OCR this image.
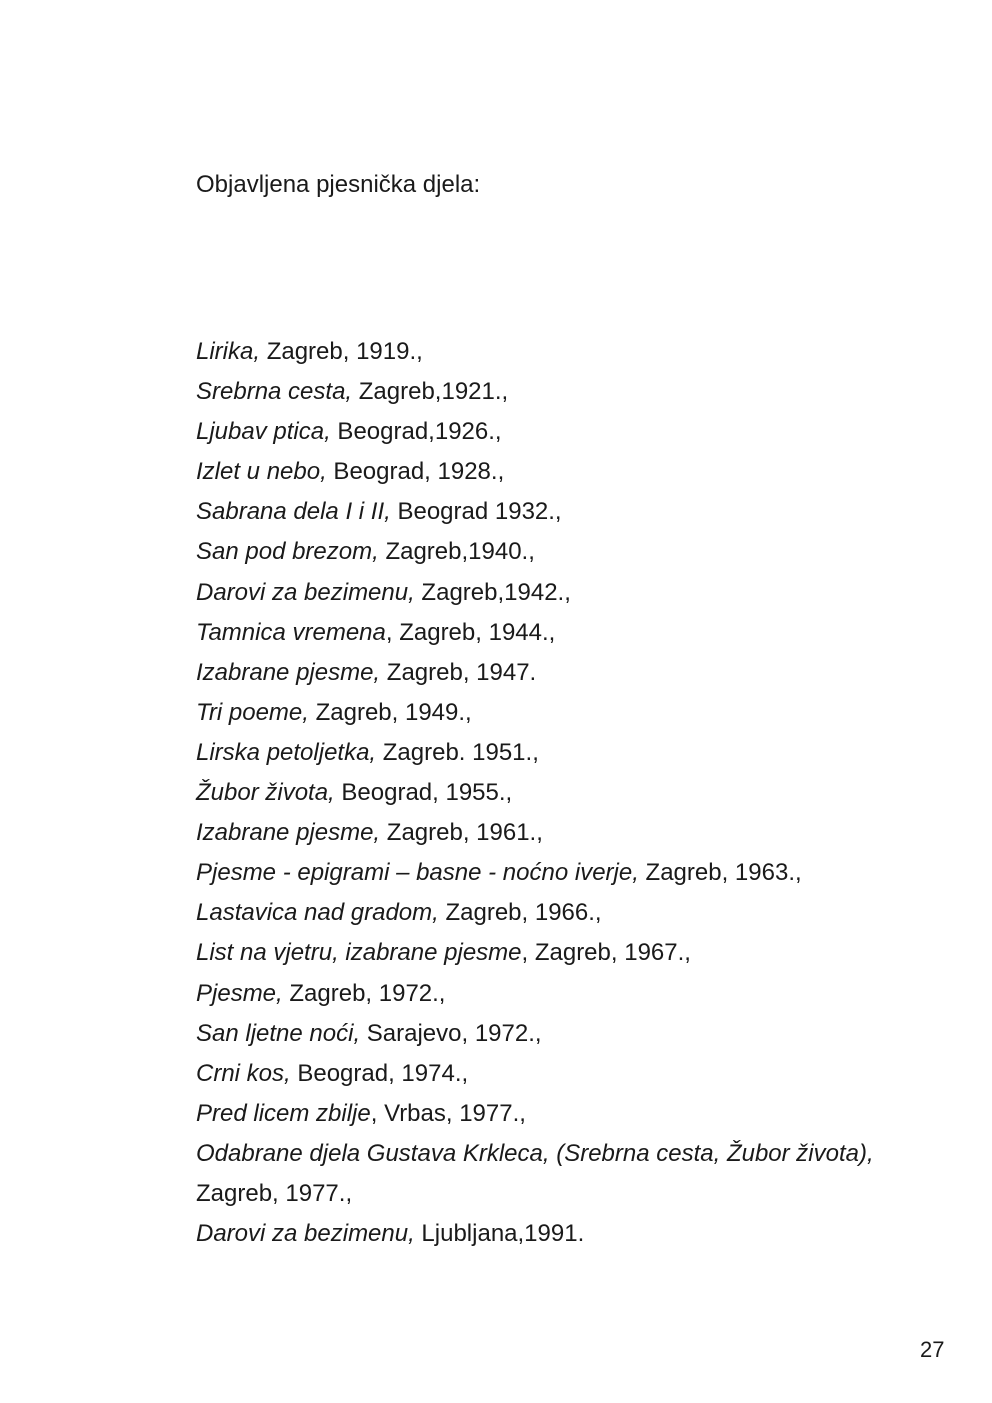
Objavljena pjesnička djela:
Lirika, Zagreb, 1919.,
Srebrna cesta, Zagreb,1921.,
Ljubav ptica, Beograd,1926.,
Izlet u nebo, Beograd, 1928.,
Sabrana dela I i II, Beograd 1932.,
San pod brezom, Zagreb,1940.,
Darovi za bezimenu, Zagreb,1942.,
Tamnica vremena, Zagreb, 1944.,
Izabrane pjesme, Zagreb, 1947.
Tri poeme, Zagreb, 1949.,
Lirska petoljetka, Zagreb. 1951.,
Žubor života, Beograd, 1955.,
Izabrane pjesme, Zagreb, 1961.,
Pjesme - epigrami – basne - noćno iverje, Zagreb, 1963.,
Lastavica nad gradom, Zagreb, 1966.,
List na vjetru, izabrane pjesme, Zagreb, 1967.,
Pjesme, Zagreb, 1972.,
San ljetne noći, Sarajevo, 1972.,
Crni kos, Beograd, 1974.,
Pred licem zbilje, Vrbas, 1977.,
Odabrane djela Gustava Krkleca, (Srebrna cesta, Žubor života), Zagreb, 1977.,
Darovi za bezimenu, Ljubljana,1991.
27
